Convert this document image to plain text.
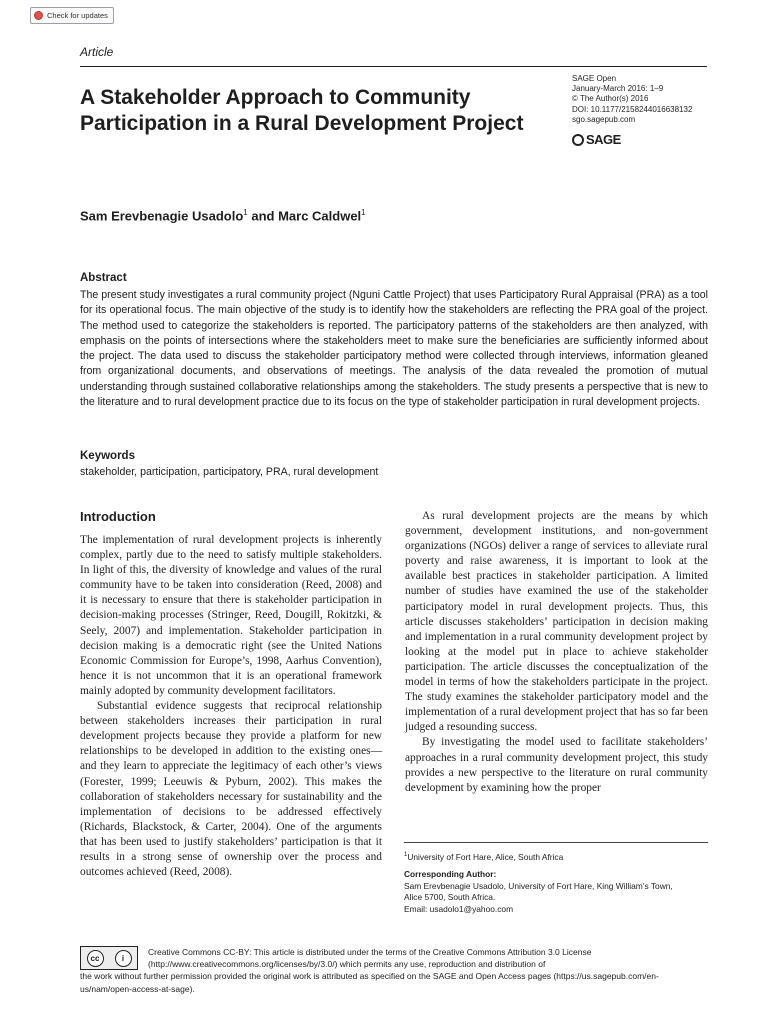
Check for updates
Article
A Stakeholder Approach to Community Participation in a Rural Development Project
SAGE Open
January-March 2016: 1–9
© The Author(s) 2016
DOI: 10.1177/2158244016638132
sgo.sagepub.com
SAGE
Sam Erevbenagie Usadolo$^1$ and Marc Caldwel$^1$
Abstract
The present study investigates a rural community project (Nguni Cattle Project) that uses Participatory Rural Appraisal (PRA) as a tool for its operational focus. The main objective of the study is to identify how the stakeholders are reflecting the PRA goal of the project. The method used to categorize the stakeholders is reported. The participatory patterns of the stakeholders are then analyzed, with emphasis on the points of intersections where the stakeholders meet to make sure the beneficiaries are sufficiently informed about the project. The data used to discuss the stakeholder participatory method were collected through interviews, information gleaned from organizational documents, and observations of meetings. The analysis of the data revealed the promotion of mutual understanding through sustained collaborative relationships among the stakeholders. The study presents a perspective that is new to the literature and to rural development practice due to its focus on the type of stakeholder participation in rural development projects.
Keywords
stakeholder, participation, participatory, PRA, rural development
Introduction

The implementation of rural development projects is inherently complex, partly due to the need to satisfy multiple stakeholders. In light of this, the diversity of knowledge and values of the rural community have to be taken into consideration (Reed, 2008) and it is necessary to ensure that there is stakeholder participation in decision-making processes (Stringer, Reed, Dougill, Rokitzki, & Seely, 2007) and implementation. Stakeholder participation in decision making is a democratic right (see the United Nations Economic Commission for Europe’s, 1998, Aarhus Convention), hence it is not uncommon that it is an operational framework mainly adopted by community development facilitators.

Substantial evidence suggests that reciprocal relationship between stakeholders increases their participation in rural development projects because they provide a platform for new relationships to be developed in addition to the existing ones—and they learn to appreciate the legitimacy of each other’s views (Forester, 1999; Leeuwis & Pyburn, 2002). This makes the collaboration of stakeholders necessary for sustainability and the implementation of decisions to be addressed effectively (Richards, Blackstock, & Carter, 2004). One of the arguments that has been used to justify stakeholders’ participation is that it results in a strong sense of ownership over the process and outcomes achieved (Reed, 2008).

As rural development projects are the means by which government, development institutions, and non-government organizations (NGOs) deliver a range of services to alleviate rural poverty and raise awareness, it is important to look at the available best practices in stakeholder participation. A limited number of studies have examined the use of the stakeholder participatory model in rural development projects. Thus, this article discusses stakeholders’ participation in decision making and implementation in a rural community development project by looking at the model put in place to achieve stakeholder participation. The article discusses the conceptualization of the model in terms of how the stakeholders participate in the project. The study examines the stakeholder participatory model and the implementation of a rural development project that has so far been judged a resounding success.

By investigating the model used to facilitate stakeholders’ approaches in a rural community development project, this study provides a new perspective to the literature on rural community development by examining how the proper

$^1$University of Fort Hare, Alice, South Africa
Corresponding Author:
Sam Erevbenagie Usadolo, University of Fort Hare, King William’s Town,
Alice 5700, South Africa.
Email: usadolo1@yahoo.com
Creative Commons CC-BY: This article is distributed under the terms of the Creative Commons Attribution 3.0 License
(http://www.creativecommons.org/licenses/by/3.0/) which permits any use, reproduction and distribution of
the work without further permission provided the original work is attributed as specified on the SAGE and Open Access pages (https://us.sagepub.com/en-us/nam/open-access-at-sage).
cc	i
